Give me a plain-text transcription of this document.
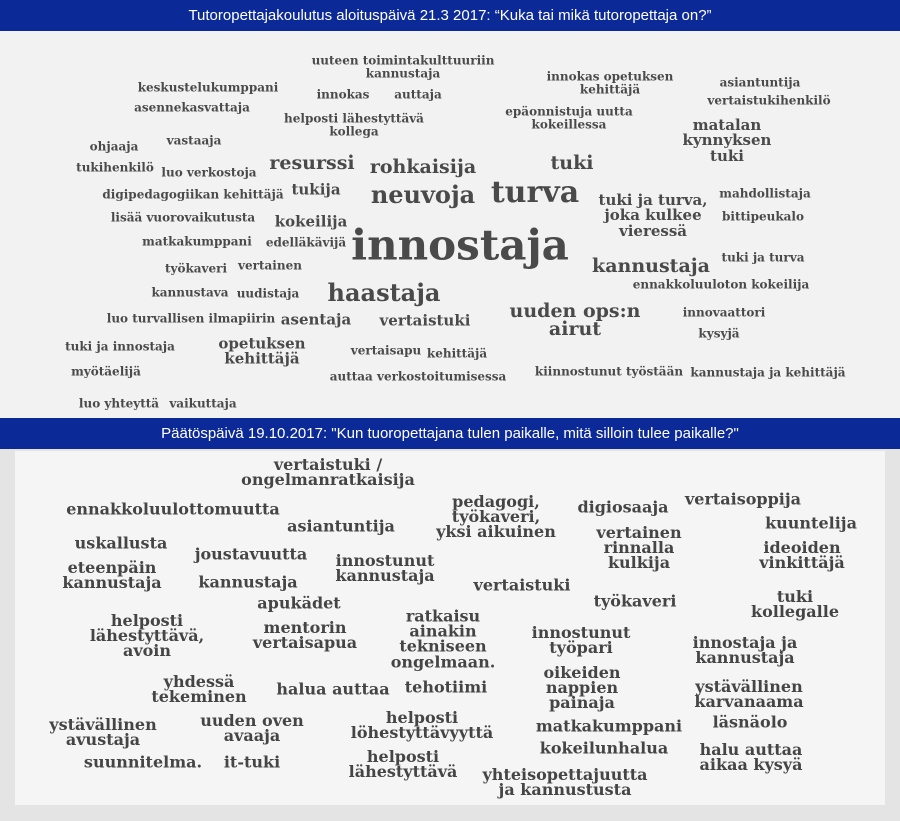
Tutoropettajakoulutus aloituspäivä 21.3 2017: “Kuka tai mikä tutoropettaja on?”
uuteen toimintakulttuuriin
kannustaja	innokas opetuksen
kehittäjä
asiantuntija
keskustelukumppani	innokas auttaja	vertaistukihenkilö
asennekasvattaja	epäonnistuja uutta
kokeillessa
helposti lähestyttävä
kollega	matalan
kynnyksen
tuki
ohjaaja vastaaja
tukihenkilö luo verkostoja resurssi rohkaisija	tuki
digipedagogiikan kehittäjä tukija neuvoja turva tuki ja turva,
joka kulkee
vieressä
mahdollistaja
lisää vuorovaikutusta kokeilija	bittipeukalo
matkakumppani edelläkävijä innostaja	tuki ja turva
työkaveri vertainen	kannustaja
ennakkoluuloton kokeilija
kannustava uudistaja haastaja
uuden ops:n
airut
innovaattori
luo turvallisen ilmapiirin asentaja vertaistuki
kysyjä
tuki ja innostaja	opetuksen
kehittäjä	vertaisapu kehittäjä
myötäelijä	auttaa verkostoitumisessa kiinnostunut työstään kannustaja ja kehittäjä
luo yhteyttä vaikuttaja
Päätöspäivä 19.10.2017: "Kun tuoropettajana tulen paikalle, mitä silloin tulee paikalle?"
vertaistuki /
ongelmanratkaisija
ennakkoluulottomuutta	pedagogi,
työkaveri,
yksi aikuinen
digiosaaja vertaisoppija
asiantuntija	kuuntelija
vertainen
rinnalla
kulkija
ideoiden
vinkittäjä
uskallusta
joustavuutta innostunut
kannustaja
eteenpäin
kannustaja kannustaja	vertaistuki
tuki
kollegalle
apukädet	työkaveri
helposti
lähestyttävä,
avoin
mentorin
vertaisapua
ratkaisu
ainakin
tekniseen
ongelmaan.
innostunut
työpari	innostaja ja
kannustaja
oikeiden
nappien
painaja
yhdessä
tekeminen halua auttaa tehotiimi	ystävällinen
karvanaama
helposti
löhestyttävyyttä
ystävällinen
avustaja
uuden oven
avaaja
matkakumppani läsnäolo
kokeilunhalua halu auttaa
aikaa kysyä
helposti
lähestyttävä
suunnitelma. it-tuki
yhteisopettajuutta
ja kannustusta
